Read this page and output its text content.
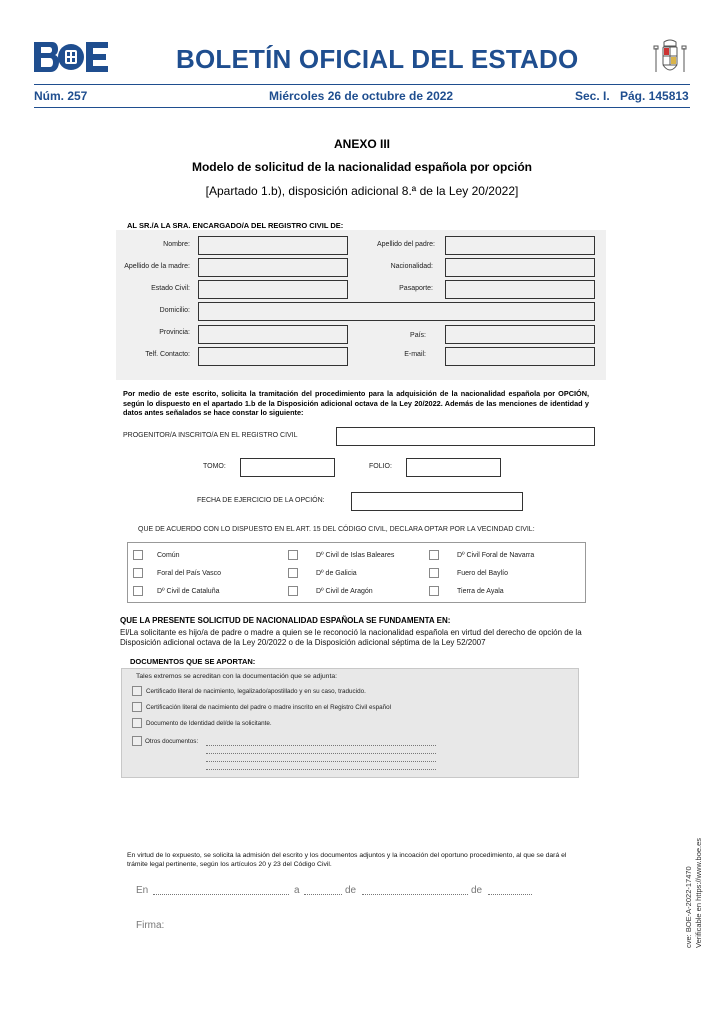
BOLETÍN OFICIAL DEL ESTADO
Núm. 257	Miércoles 26 de octubre de 2022	Sec. I. Pág. 145813
ANEXO III
Modelo de solicitud de la nacionalidad española por opción
[Apartado 1.b), disposición adicional 8.ª de la Ley 20/2022]
AL SR./A LA SRA. ENCARGADO/A DEL REGISTRO CIVIL DE:
Nombre:	Apellido del padre:
Apellido de la madre:	Nacionalidad:
Estado Civil:	Pasaporte:
Domicilio:
Provincia:	País:
Telf. Contacto:	E-mail:
Por medio de este escrito, solicita la tramitación del procedimiento para la adquisición de la nacionalidad española por OPCIÓN, según lo dispuesto en el apartado 1.b de la Disposición adicional octava de la Ley 20/2022. Además de las menciones de identidad y datos antes señalados se hace constar lo siguiente:
PROGENITOR/A INSCRITO/A EN EL REGISTRO CIVIL
TOMO:	FOLIO:
FECHA DE EJERCICIO DE LA OPCIÓN:
QUE DE ACUERDO CON LO DISPUESTO EN EL ART. 15 DEL CÓDIGO CIVIL, DECLARA OPTAR POR LA VECINDAD CIVIL:
Común	Dº Civil de Islas Baleares	Dº Civil Foral de Navarra
Foral del País Vasco	Dº de Galicia	Fuero del Baylío
Dº Civil de Cataluña	Dº Civil de Aragón	Tierra de Ayala
QUE LA PRESENTE SOLICITUD DE NACIONALIDAD ESPAÑOLA SE FUNDAMENTA EN:
El/La solicitante es hijo/a de padre o madre a quien se le reconoció la nacionalidad española en virtud del derecho de opción de la Disposición adicional octava de la Ley 20/2022 o de la Disposición adicional séptima de la Ley 52/2007
DOCUMENTOS QUE SE APORTAN:
Tales extremos se acreditan con la documentación que se adjunta:
Certificado literal de nacimiento, legalizado/apostillado y en su caso, traducido.
Certificación literal de nacimiento del padre o madre inscrito en el Registro Civil español
Documento de Identidad del/de la solicitante.
Otros documentos:
En virtud de lo expuesto, se solicita la admisión del escrito y los documentos adjuntos y la incoación del oportuno procedimiento, al que se dará el trámite legal pertinente, según los artículos 20 y 23 del Código Civil.
En	a	de	de
Firma:	cve: BOE-A-2022-17470 Verificable en https://www.boe.es
